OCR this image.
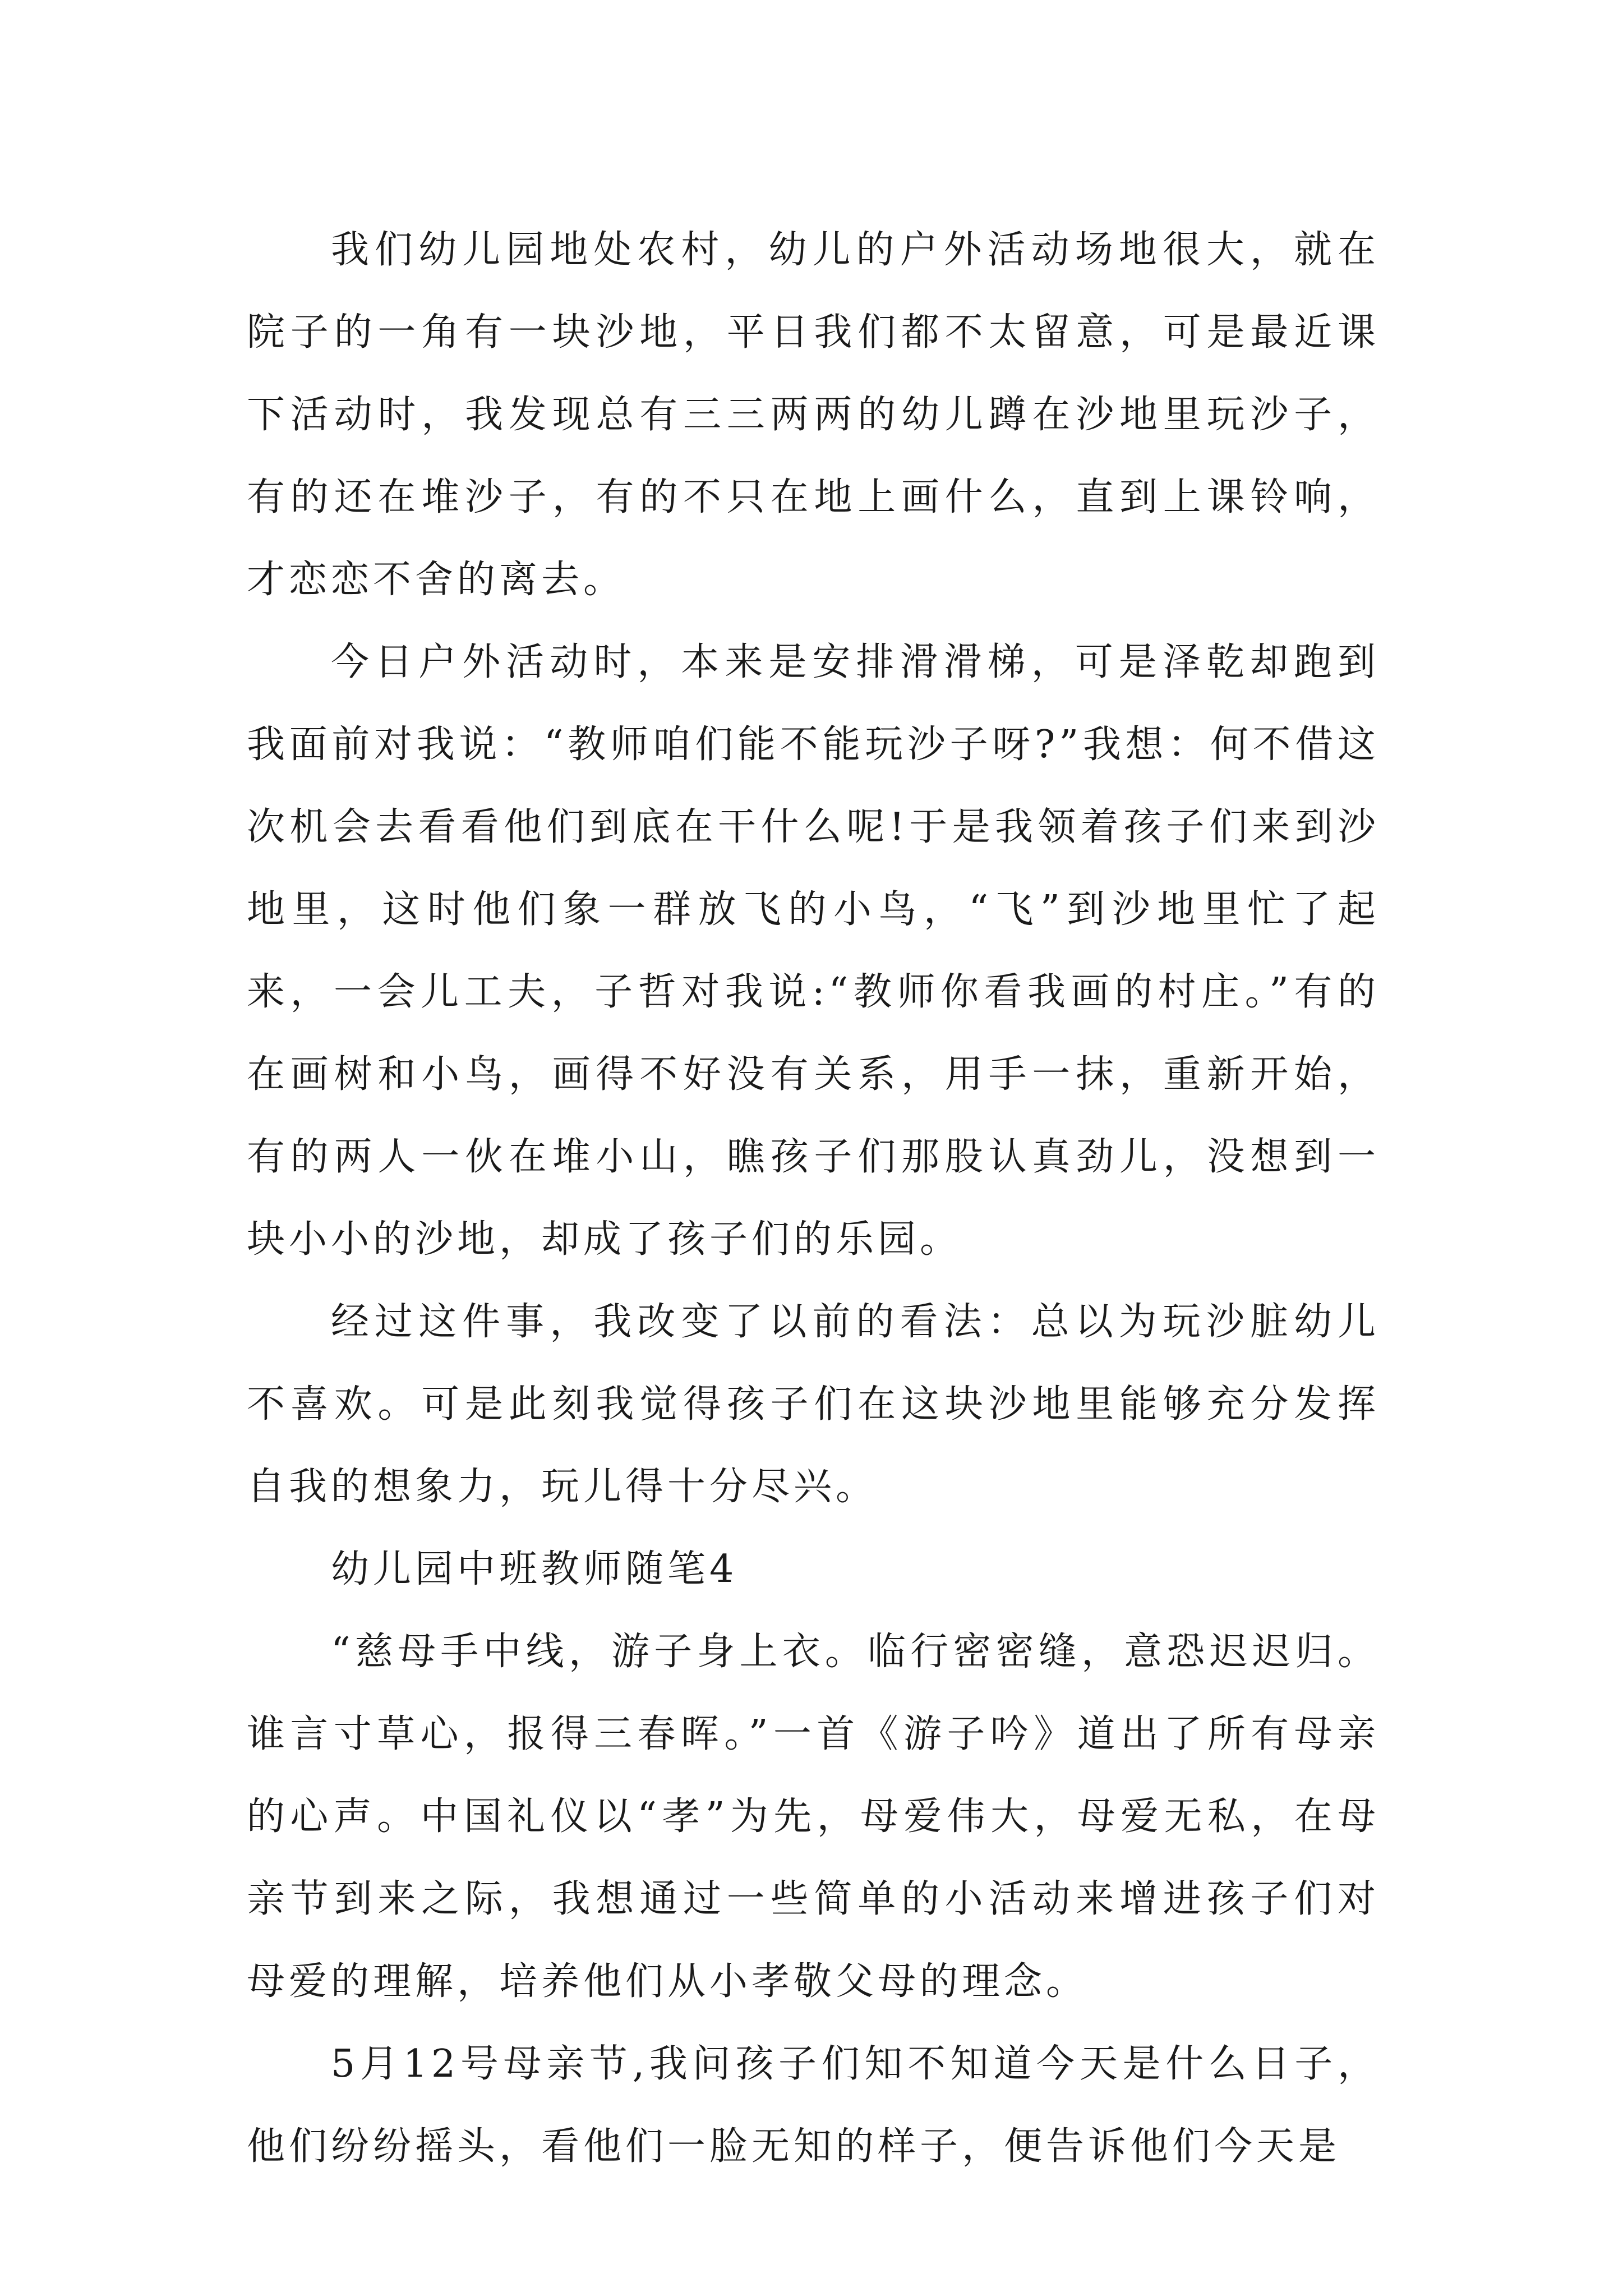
我们幼儿园地处农村，幼儿的户外活动场地很大，就在院子的一角有一块沙地，平日我们都不太留意，可是最近课下活动时，我发现总有三三两两的幼儿蹲在沙地里玩沙子，有的还在堆沙子，有的不只在地上画什么，直到上课铃响，才恋恋不舍的离去。

今日户外活动时，本来是安排滑滑梯，可是泽乾却跑到我面前对我说：“教师咱们能不能玩沙子呀?”我想：何不借这次机会去看看他们到底在干什么呢!于是我领着孩子们来到沙地里，这时他们象一群放飞的小鸟，“飞”到沙地里忙了起来，一会儿工夫，子哲对我说:“教师你看我画的村庄。”有的在画树和小鸟，画得不好没有关系，用手一抹，重新开始，有的两人一伙在堆小山，瞧孩子们那股认真劲儿，没想到一块小小的沙地，却成了孩子们的乐园。

经过这件事，我改变了以前的看法：总以为玩沙脏幼儿不喜欢。可是此刻我觉得孩子们在这块沙地里能够充分发挥自我的想象力，玩儿得十分尽兴。

幼儿园中班教师随笔4

“慈母手中线，游子身上衣。临行密密缝，意恐迟迟归。谁言寸草心，报得三春晖。”一首《游子吟》道出了所有母亲的心声。中国礼仪以“孝”为先，母爱伟大，母爱无私，在母亲节到来之际，我想通过一些简单的小活动来增进孩子们对母爱的理解，培养他们从小孝敬父母的理念。

5月12号母亲节,我问孩子们知不知道今天是什么日子，他们纷纷摇头，看他们一脸无知的样子，便告诉他们今天是
